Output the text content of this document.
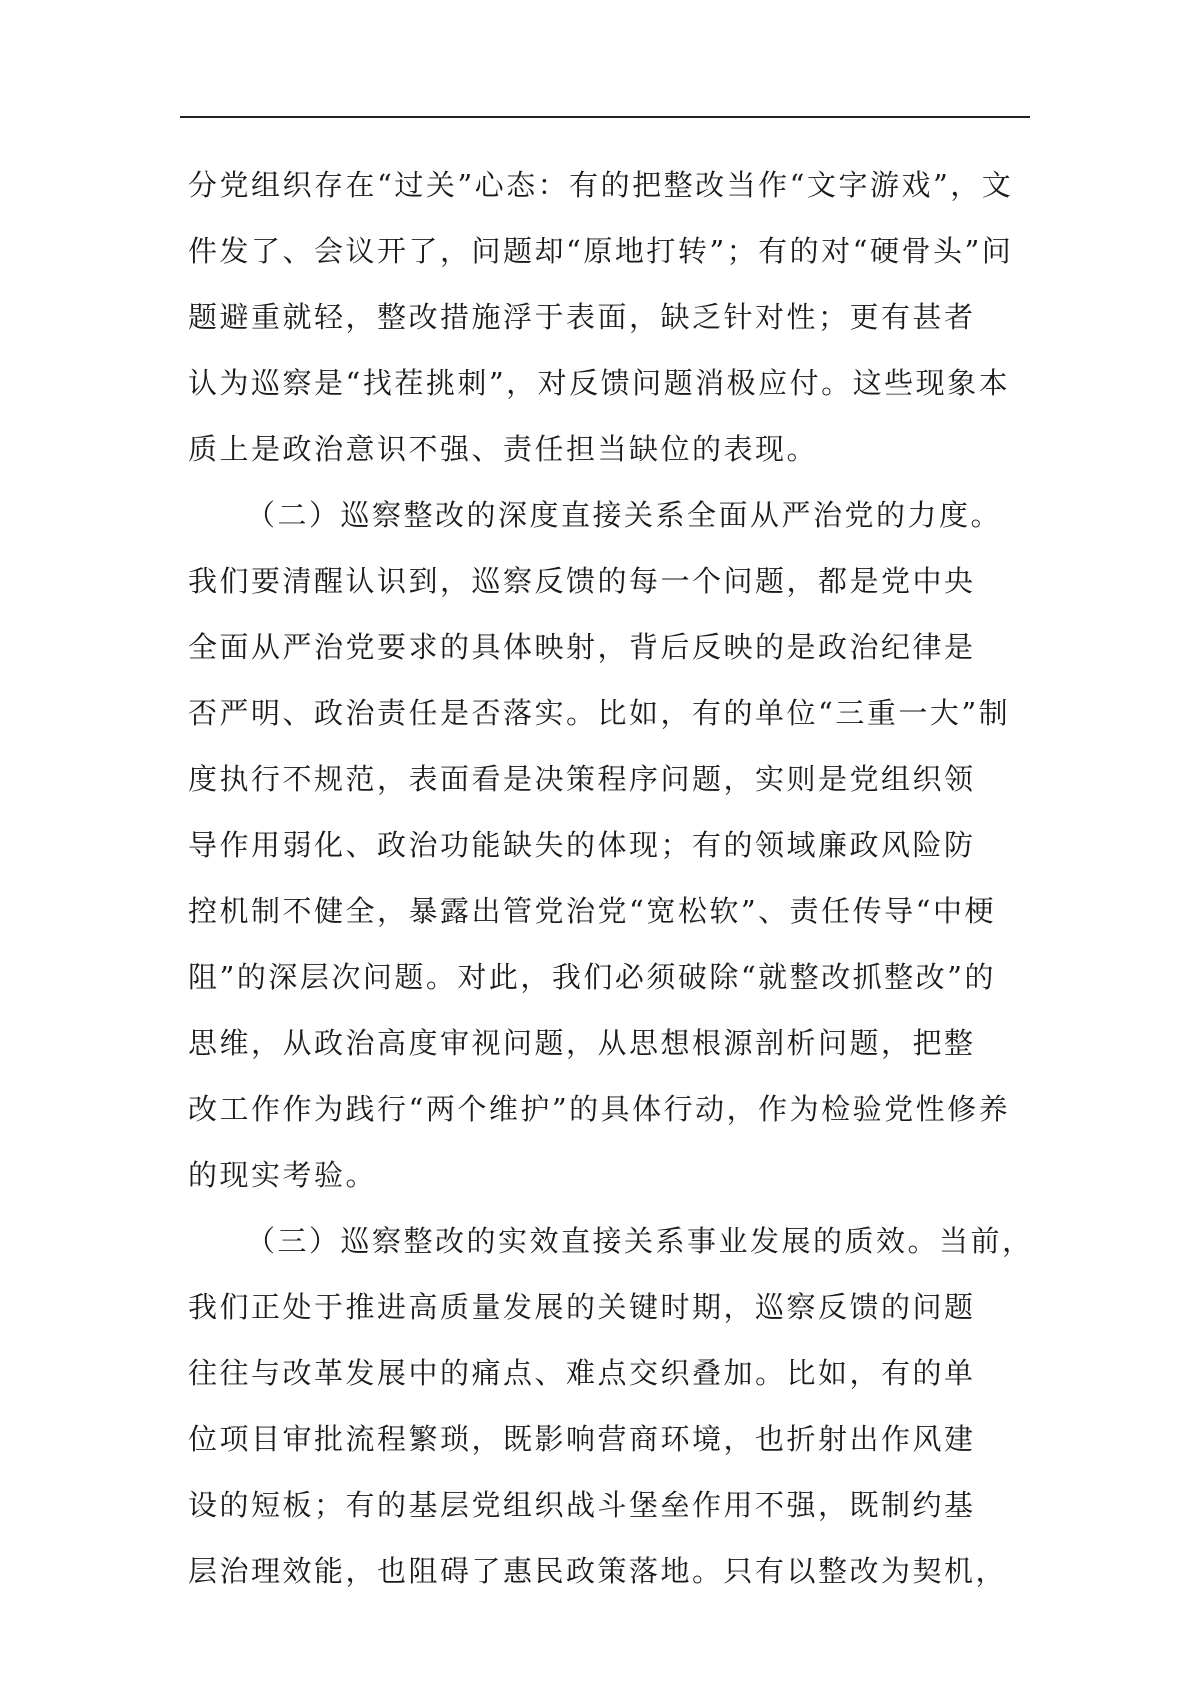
分党组织存在“过关”心态：有的把整改当作“文字游戏”，文
件发了、会议开了，问题却“原地打转”；有的对“硬骨头”问
题避重就轻，整改措施浮于表面，缺乏针对性；更有甚者
认为巡察是“找茬挑刺”，对反馈问题消极应付。这些现象本
质上是政治意识不强、责任担当缺位的表现。
（二）巡察整改的深度直接关系全面从严治党的力度。
我们要清醒认识到，巡察反馈的每一个问题，都是党中央
全面从严治党要求的具体映射，背后反映的是政治纪律是
否严明、政治责任是否落实。比如，有的单位“三重一大”制
度执行不规范，表面看是决策程序问题，实则是党组织领
导作用弱化、政治功能缺失的体现；有的领域廉政风险防
控机制不健全，暴露出管党治党“宽松软”、责任传导“中梗
阻”的深层次问题。对此，我们必须破除“就整改抓整改”的
思维，从政治高度审视问题，从思想根源剖析问题，把整
改工作作为践行“两个维护”的具体行动，作为检验党性修养
的现实考验。
（三）巡察整改的实效直接关系事业发展的质效。当前，
我们正处于推进高质量发展的关键时期，巡察反馈的问题
往往与改革发展中的痛点、难点交织叠加。比如，有的单
位项目审批流程繁琐，既影响营商环境，也折射出作风建
设的短板；有的基层党组织战斗堡垒作用不强，既制约基
层治理效能，也阻碍了惠民政策落地。只有以整改为契机，
